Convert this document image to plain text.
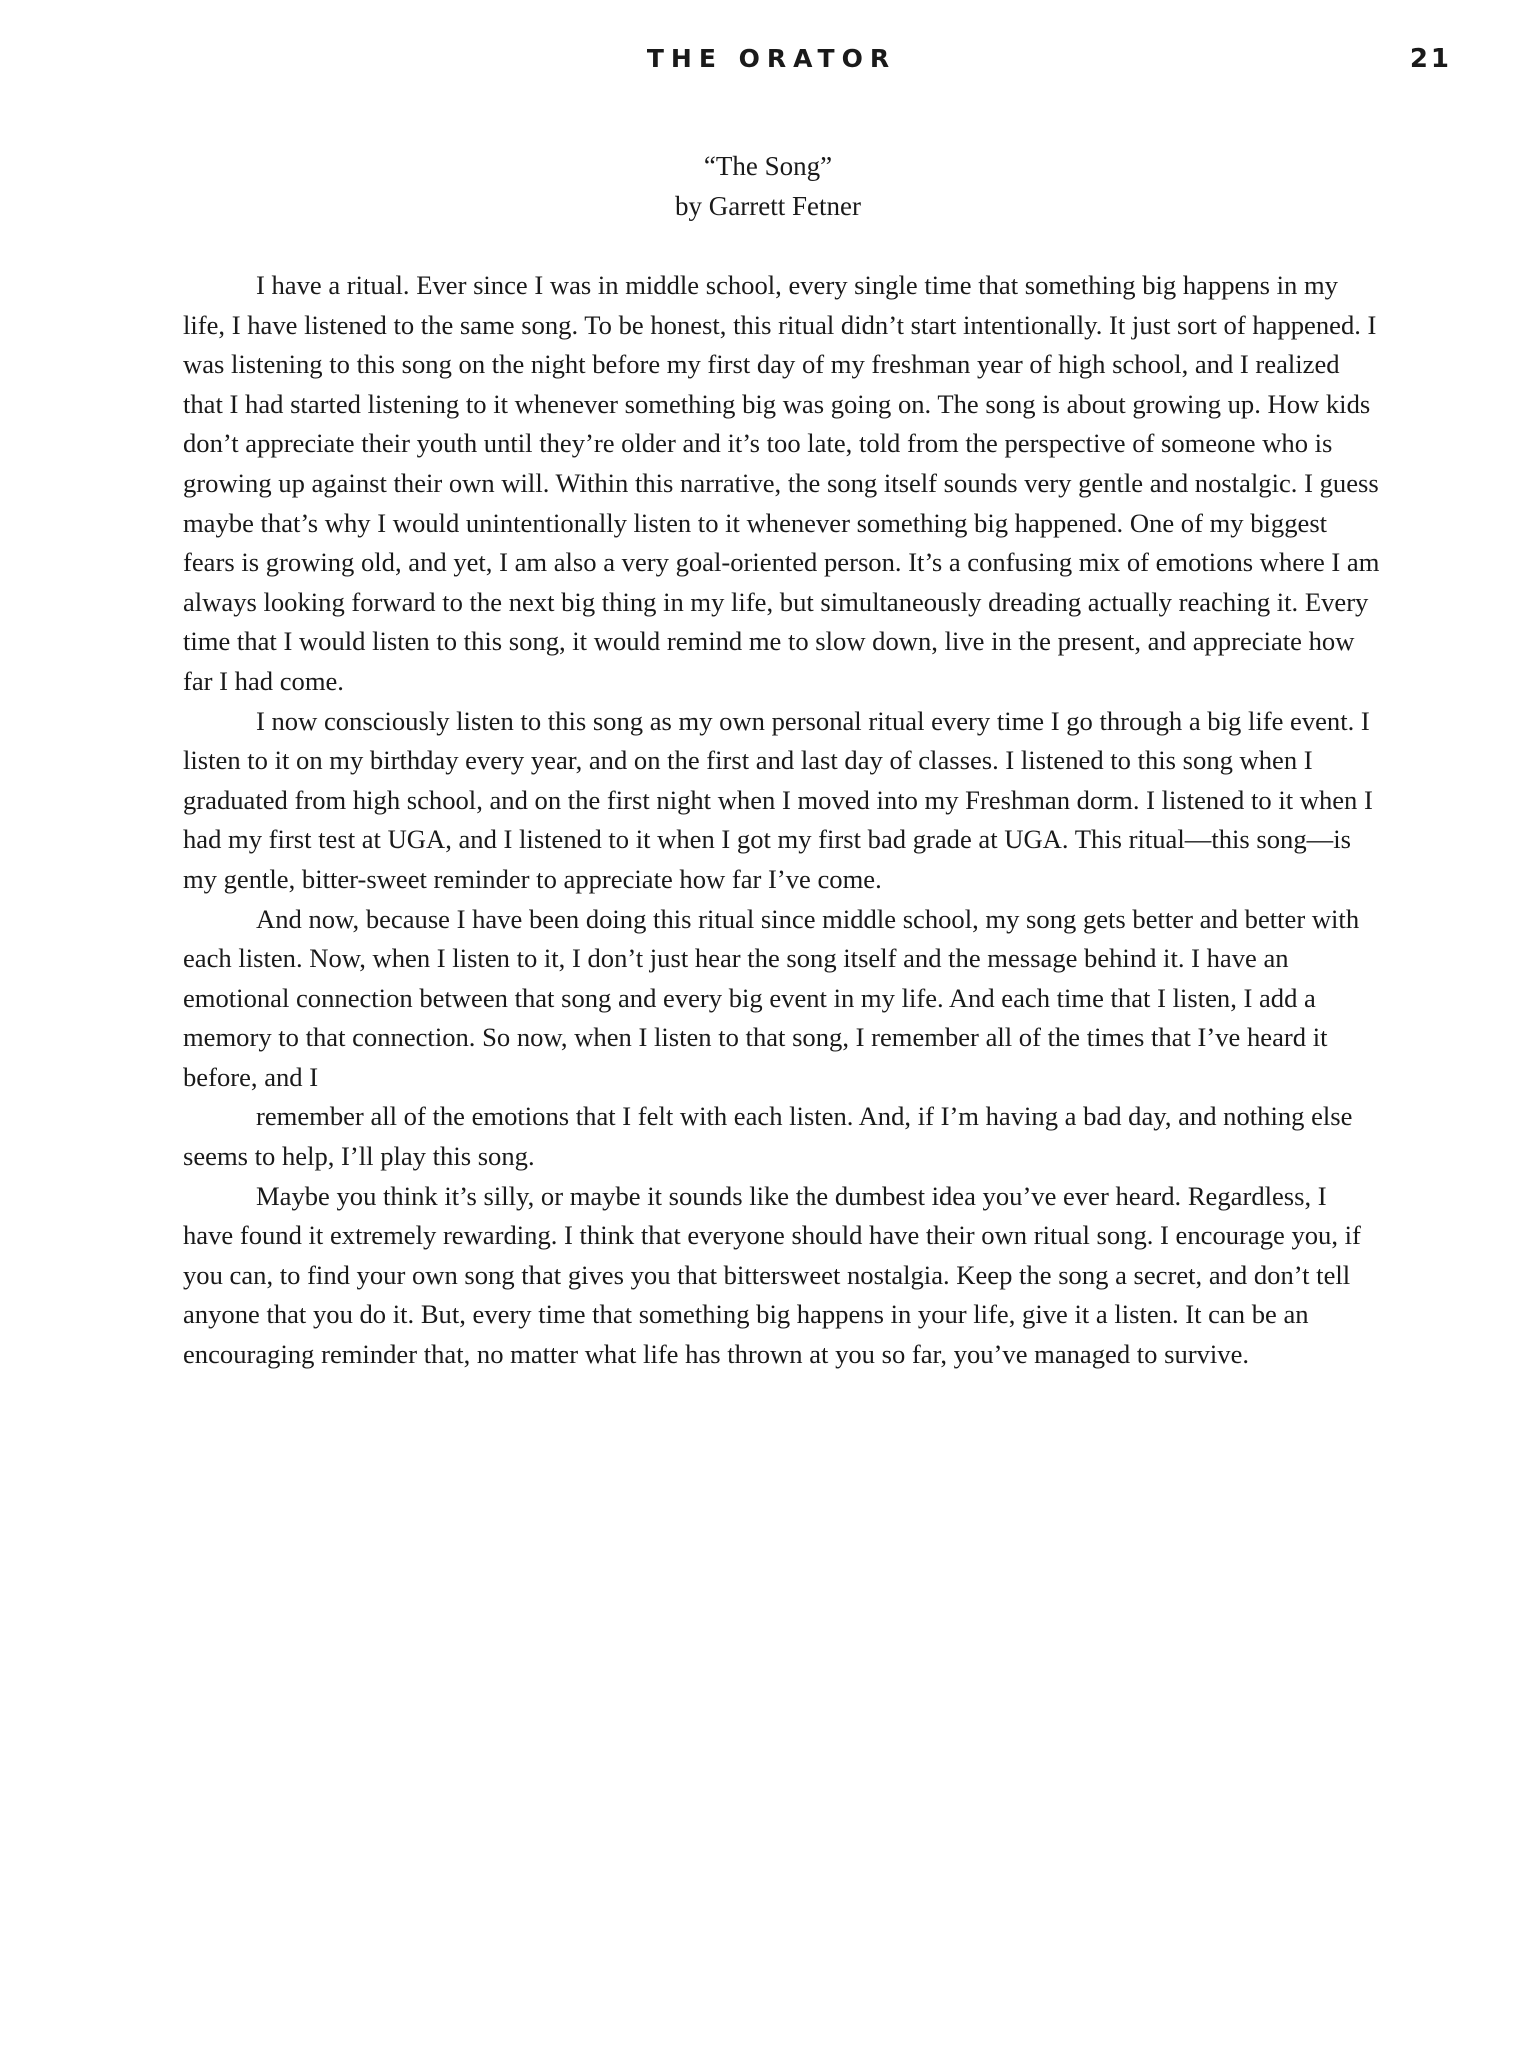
THE ORATOR	21
“The Song”
by Garrett Fetner

I have a ritual. Ever since I was in middle school, every single time that something big happens in my life, I have listened to the same song. To be honest, this ritual didn’t start intentionally. It just sort of happened. I was listening to this song on the night before my first day of my freshman year of high school, and I realized that I had started listening to it whenever something big was going on. The song is about growing up. How kids don’t appreciate their youth until they’re older and it’s too late, told from the perspective of someone who is growing up against their own will. Within this narrative, the song itself sounds very gentle and nostalgic. I guess maybe that’s why I would unintentionally listen to it whenever something big happened. One of my biggest fears is growing old, and yet, I am also a very goal-oriented person. It’s a confusing mix of emotions where I am always looking forward to the next big thing in my life, but simultaneously dreading actually reaching it. Every time that I would listen to this song, it would remind me to slow down, live in the present, and appreciate how far I had come.

I now consciously listen to this song as my own personal ritual every time I go through a big life event. I listen to it on my birthday every year, and on the first and last day of classes. I listened to this song when I graduated from high school, and on the first night when I moved into my Freshman dorm. I listened to it when I had my first test at UGA, and I listened to it when I got my first bad grade at UGA. This ritual—this song—is my gentle, bitter-sweet reminder to appreciate how far I’ve come.

And now, because I have been doing this ritual since middle school, my song gets better and better with each listen. Now, when I listen to it, I don’t just hear the song itself and the message behind it. I have an emotional connection between that song and every big event in my life. And each time that I listen, I add a memory to that connection. So now, when I listen to that song, I remember all of the times that I’ve heard it before, and I

remember all of the emotions that I felt with each listen. And, if I’m having a bad day, and nothing else seems to help, I’ll play this song.

Maybe you think it’s silly, or maybe it sounds like the dumbest idea you’ve ever heard. Regardless, I have found it extremely rewarding. I think that everyone should have their own ritual song. I encourage you, if you can, to find your own song that gives you that bittersweet nostalgia. Keep the song a secret, and don’t tell anyone that you do it. But, every time that something big happens in your life, give it a listen. It can be an encouraging reminder that, no matter what life has thrown at you so far, you’ve managed to survive.
